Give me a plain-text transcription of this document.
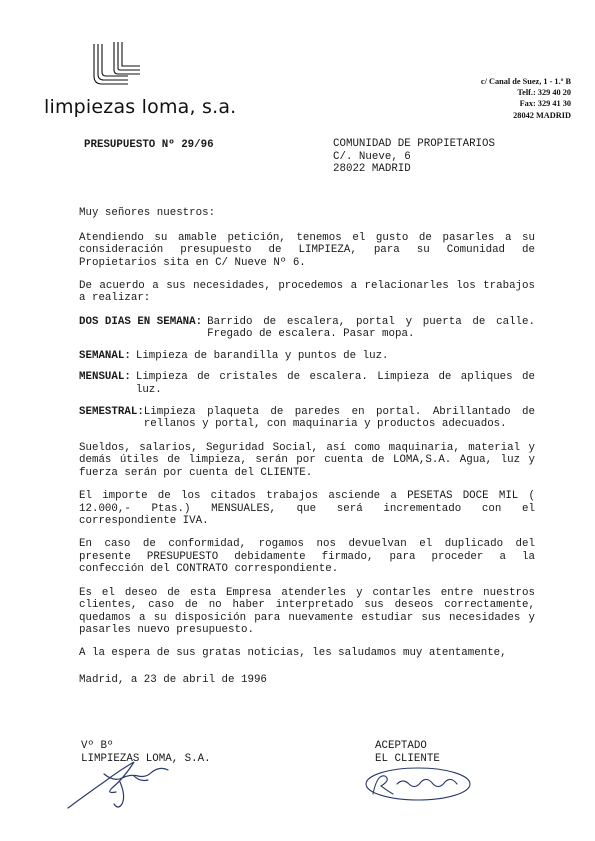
limpiezas loma, s.a.
c/ Canal de Suez, 1 - 1.º B
Telf.: 329 40 20
Fax: 329 41 30
28042 MADRID
PRESUPUESTO Nº 29/96	COMUNIDAD DE PROPIETARIOS
C/. Nueve, 6
28022 MADRID

Muy señores nuestros:

Atendiendo su amable petición, tenemos el gusto de pasarles a su consideración presupuesto de LIMPIEZA, para su Comunidad de Propietarios sita en C/ Nueve Nº 6.

De acuerdo a sus necesidades, procedemos a relacionarles los trabajos a realizar:

DOS DIAS EN SEMANA: Barrido de escalera, portal y puerta de calle. Fregado de escalera. Pasar mopa.
SEMANAL: Limpieza de barandilla y puntos de luz.
MENSUAL: Limpieza de cristales de escalera. Limpieza de apliques de luz.
SEMESTRAL: Limpieza plaqueta de paredes en portal. Abrillantado de rellanos y portal, con maquinaria y productos adecuados.

Sueldos, salarios, Seguridad Social, así como maquinaria, material y demás útiles de limpieza, serán por cuenta de LOMA,S.A. Agua, luz y fuerza serán por cuenta del CLIENTE.

El importe de los citados trabajos asciende a PESETAS DOCE MIL ( 12.000,- Ptas.) MENSUALES, que será incrementado con el correspondiente IVA.

En caso de conformidad, rogamos nos devuelvan el duplicado del presente PRESUPUESTO debidamente firmado, para proceder a la confección del CONTRATO correspondiente.

Es el deseo de esta Empresa atenderles y contarles entre nuestros clientes, caso de no haber interpretado sus deseos correctamente, quedamos a su disposición para nuevamente estudiar sus necesidades y pasarles nuevo presupuesto.

A la espera de sus gratas noticias, les saludamos muy atentamente,

Madrid, a 23 de abril de 1996

Vº Bº
LIMPIEZAS LOMA, S.A.
ACEPTADO
EL CLIENTE
